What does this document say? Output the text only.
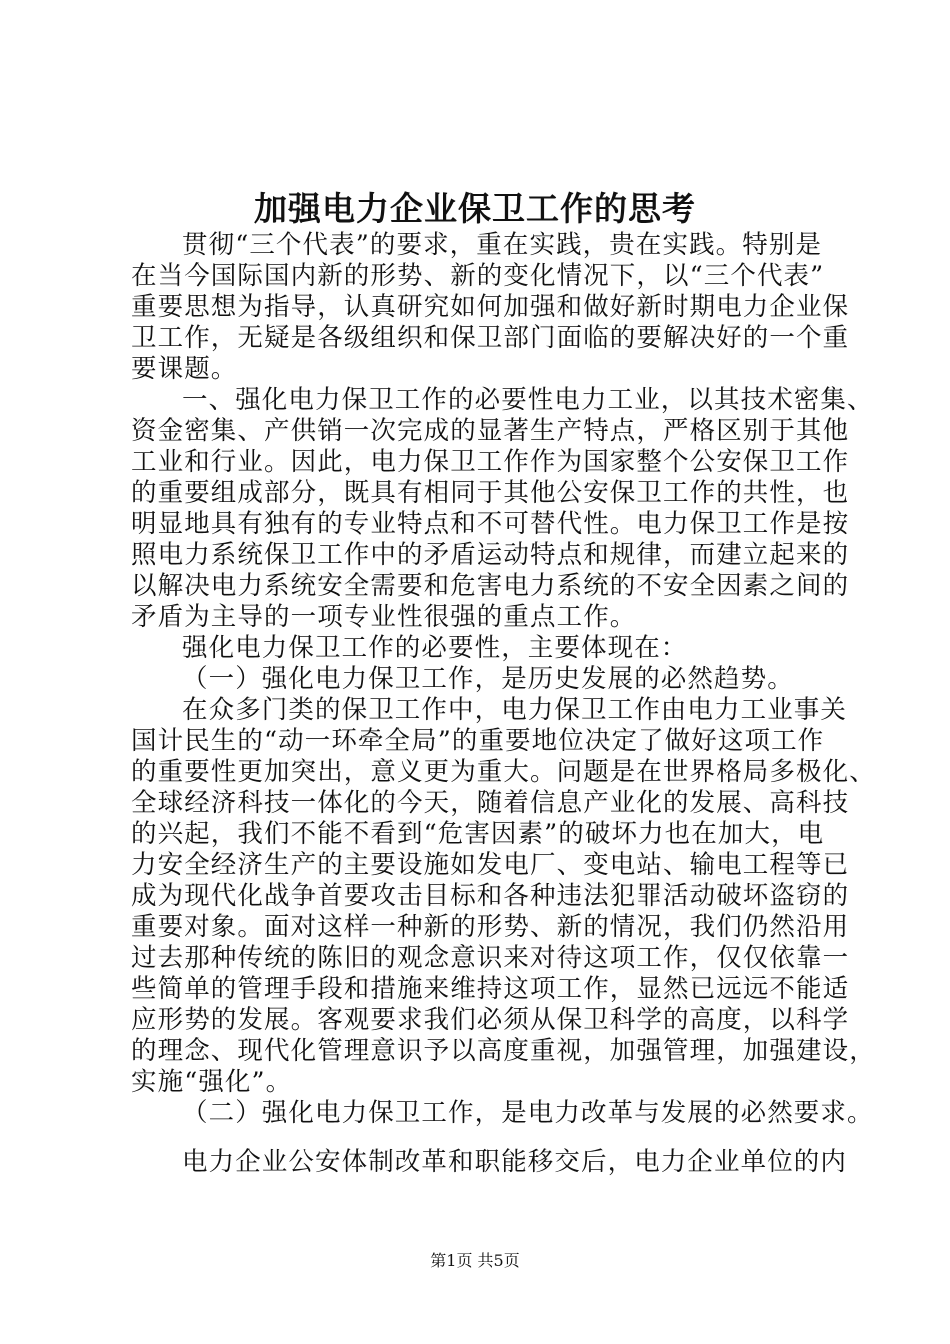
加强电力企业保卫工作的思考
贯彻“三个代表”的要求，重在实践，贵在实践。特别是
在当今国际国内新的形势、新的变化情况下，以“三个代表”
重要思想为指导，认真研究如何加强和做好新时期电力企业保
卫工作，无疑是各级组织和保卫部门面临的要解决好的一个重
要课题。
一、强化电力保卫工作的必要性电力工业，以其技术密集、
资金密集、产供销一次完成的显著生产特点，严格区别于其他
工业和行业。因此，电力保卫工作作为国家整个公安保卫工作
的重要组成部分，既具有相同于其他公安保卫工作的共性，也
明显地具有独有的专业特点和不可替代性。电力保卫工作是按
照电力系统保卫工作中的矛盾运动特点和规律，而建立起来的
以解决电力系统安全需要和危害电力系统的不安全因素之间的
矛盾为主导的一项专业性很强的重点工作。
强化电力保卫工作的必要性，主要体现在：
（一）强化电力保卫工作，是历史发展的必然趋势。
在众多门类的保卫工作中，电力保卫工作由电力工业事关
国计民生的“动一环牵全局”的重要地位决定了做好这项工作
的重要性更加突出，意义更为重大。问题是在世界格局多极化、
全球经济科技一体化的今天，随着信息产业化的发展、高科技
的兴起，我们不能不看到“危害因素”的破坏力也在加大，电
力安全经济生产的主要设施如发电厂、变电站、输电工程等已
成为现代化战争首要攻击目标和各种违法犯罪活动破坏盗窃的
重要对象。面对这样一种新的形势、新的情况，我们仍然沿用
过去那种传统的陈旧的观念意识来对待这项工作，仅仅依靠一
些简单的管理手段和措施来维持这项工作，显然已远远不能适
应形势的发展。客观要求我们必须从保卫科学的高度，以科学
的理念、现代化管理意识予以高度重视，加强管理，加强建设，
实施“强化”。
（二）强化电力保卫工作，是电力改革与发展的必然要求。
电力企业公安体制改革和职能移交后，电力企业单位的内
第1页 共5页
